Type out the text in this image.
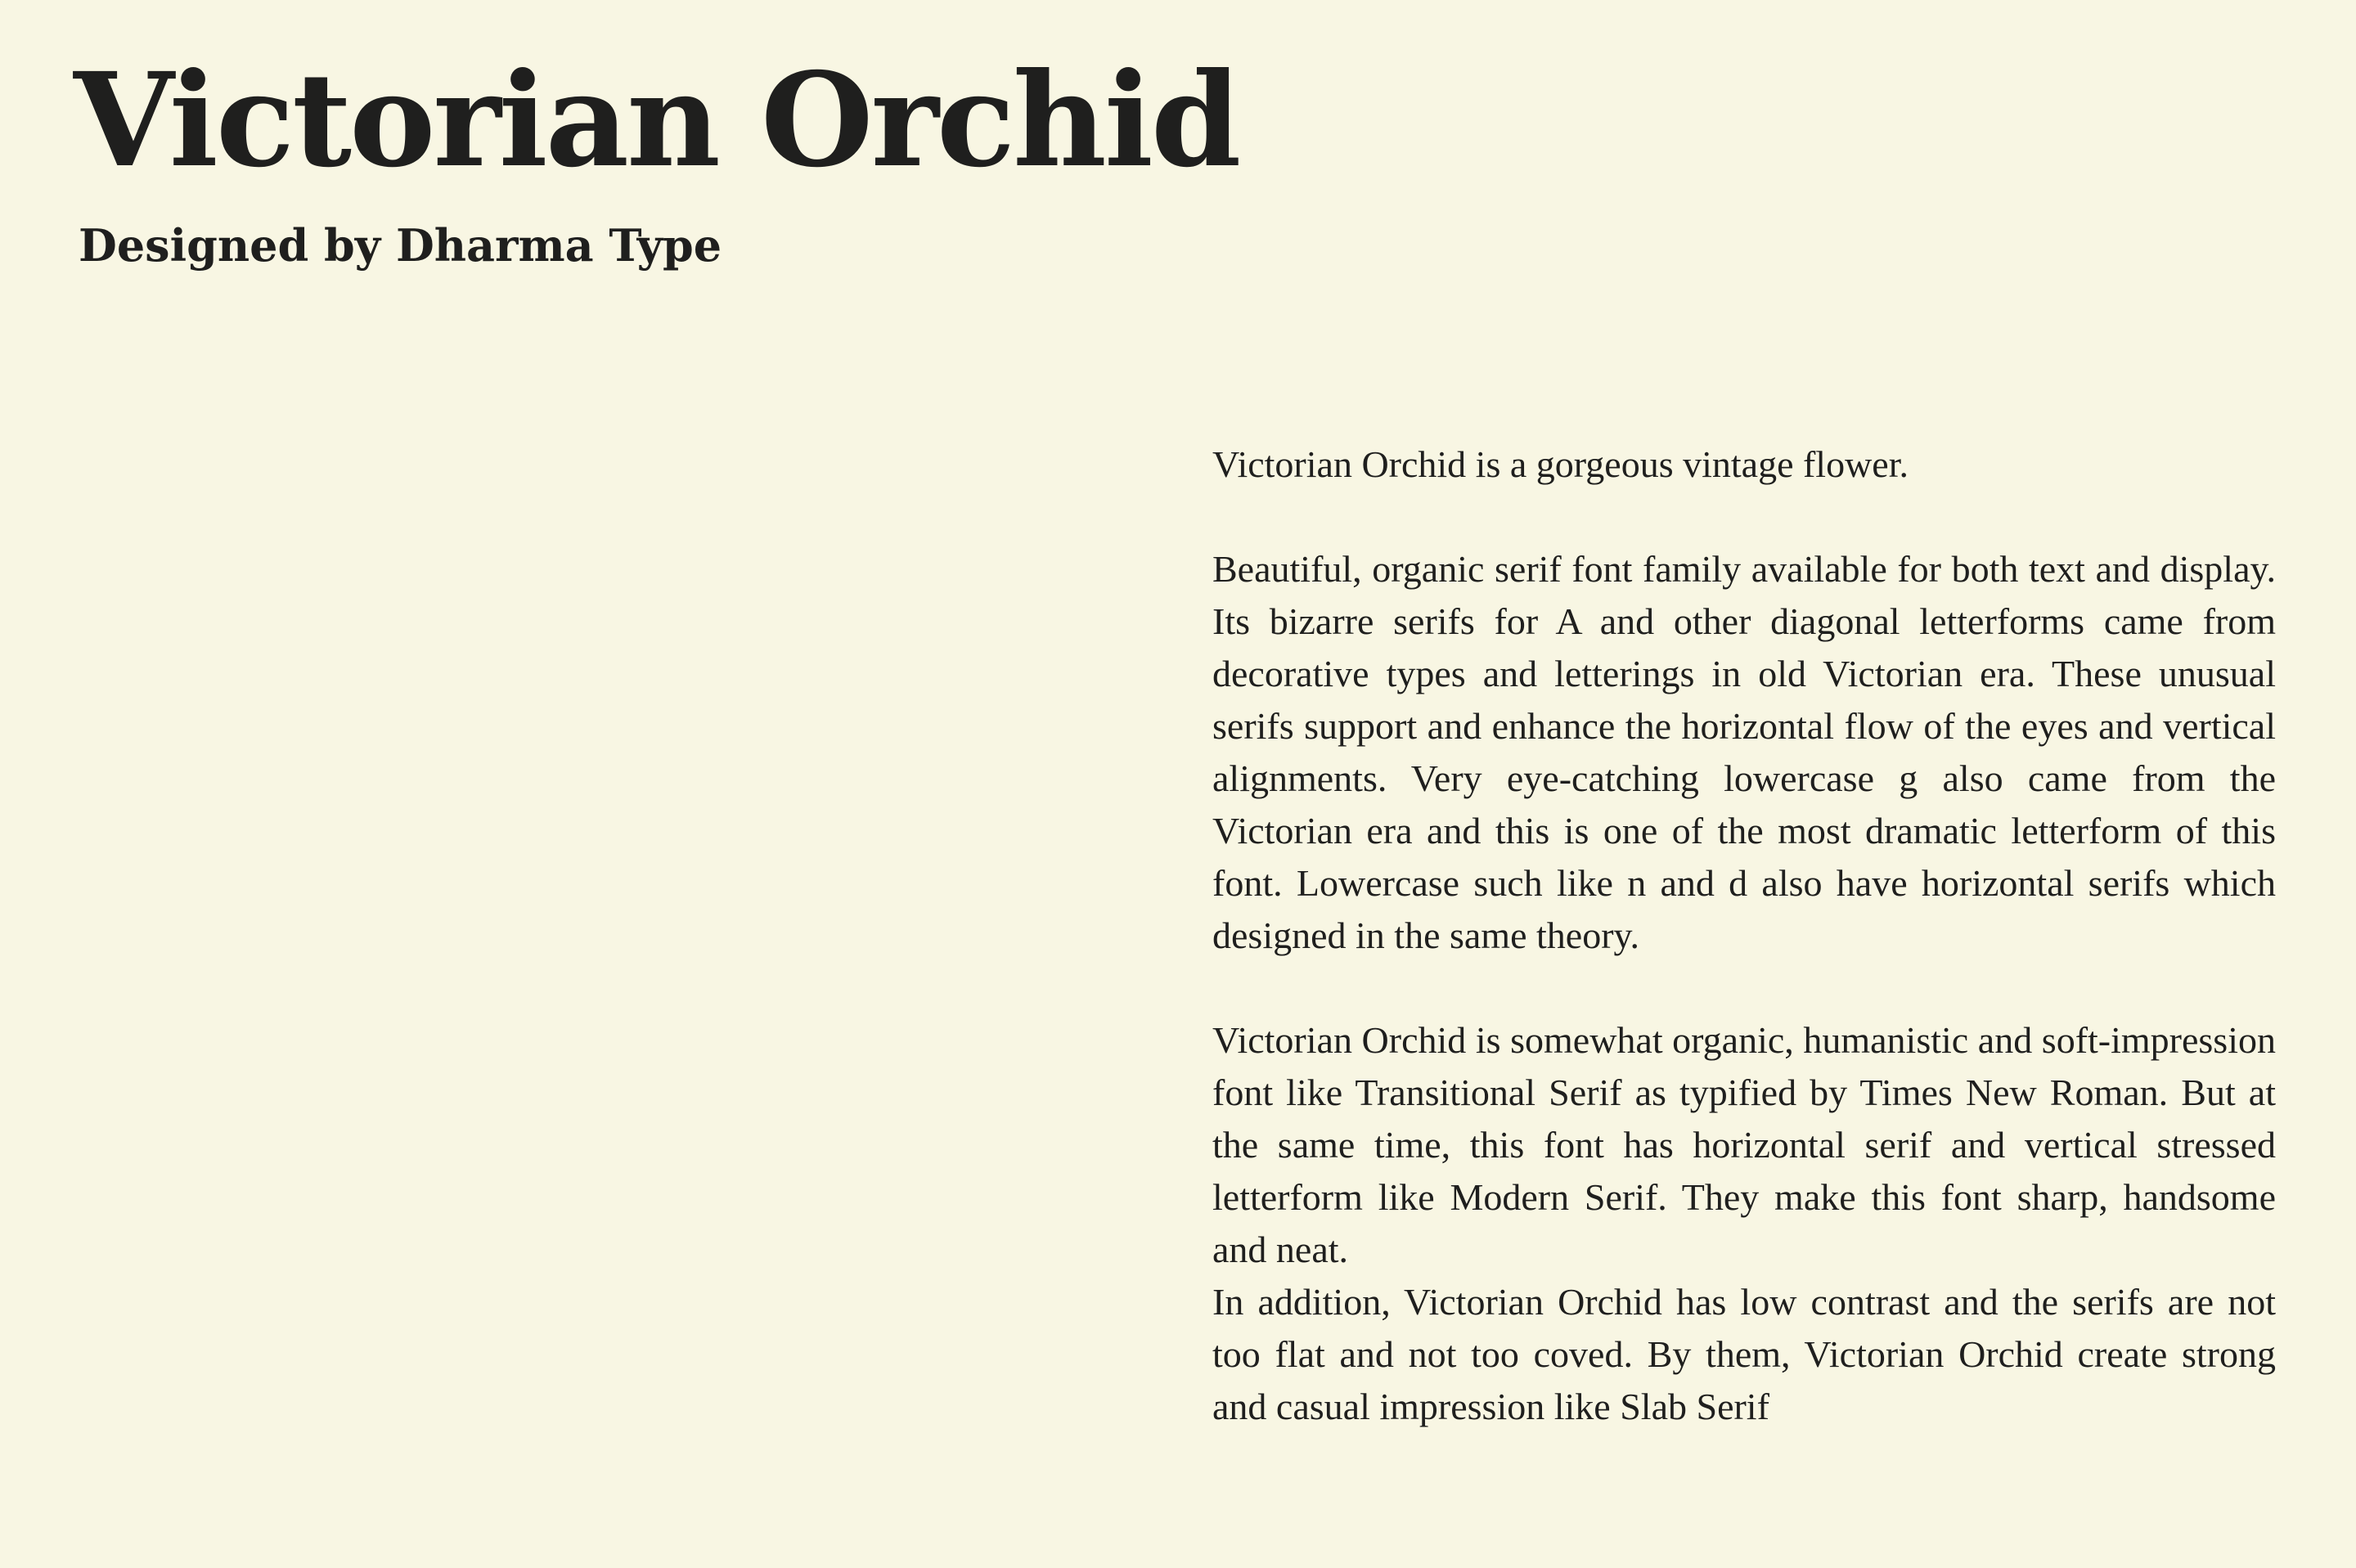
Victorian Orchid
Designed by Dharma Type

Victorian Orchid is a gorgeous vintage flower.

Beautiful, organic serif font family available for both text and display. Its bizarre serifs for A and other diagonal letterforms came from decorative types and letterings in old Victorian era. These unusual serifs support and enhance the horizontal flow of the eyes and vertical alignments. Very eye-catching lowercase g also came from the Victorian era and this is one of the most dramatic letterform of this font. Lowercase such like n and d also have horizontal serifs which designed in the same theory.

Victorian Orchid is somewhat organic, humanistic and soft-impression font like Transitional Serif as typified by Times New Roman. But at the same time, this font has horizontal serif and vertical stressed letterform like Modern Serif. They make this font sharp, handsome and neat.

In addition, Victorian Orchid has low contrast and the serifs are not too flat and not too coved. By them, Victorian Orchid create strong and casual impression like Slab Serif
